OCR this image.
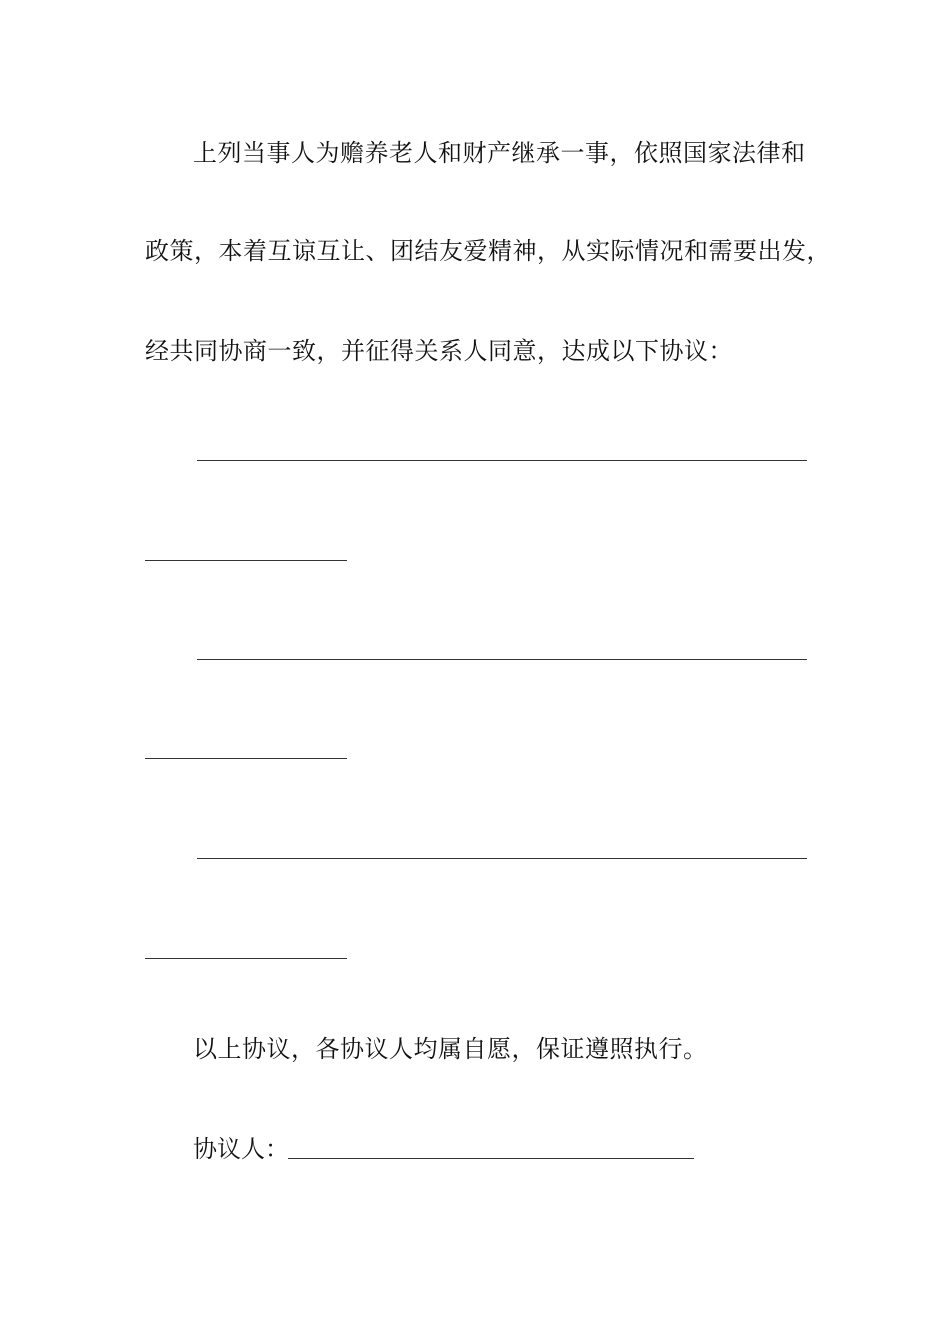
上列当事人为赡养老人和财产继承一事，依照国家法律和
政策，本着互谅互让、团结友爱精神，从实际情况和需要出发，
经共同协商一致，并征得关系人同意，达成以下协议：
以上协议，各协议人均属自愿，保证遵照执行。
协议人：
